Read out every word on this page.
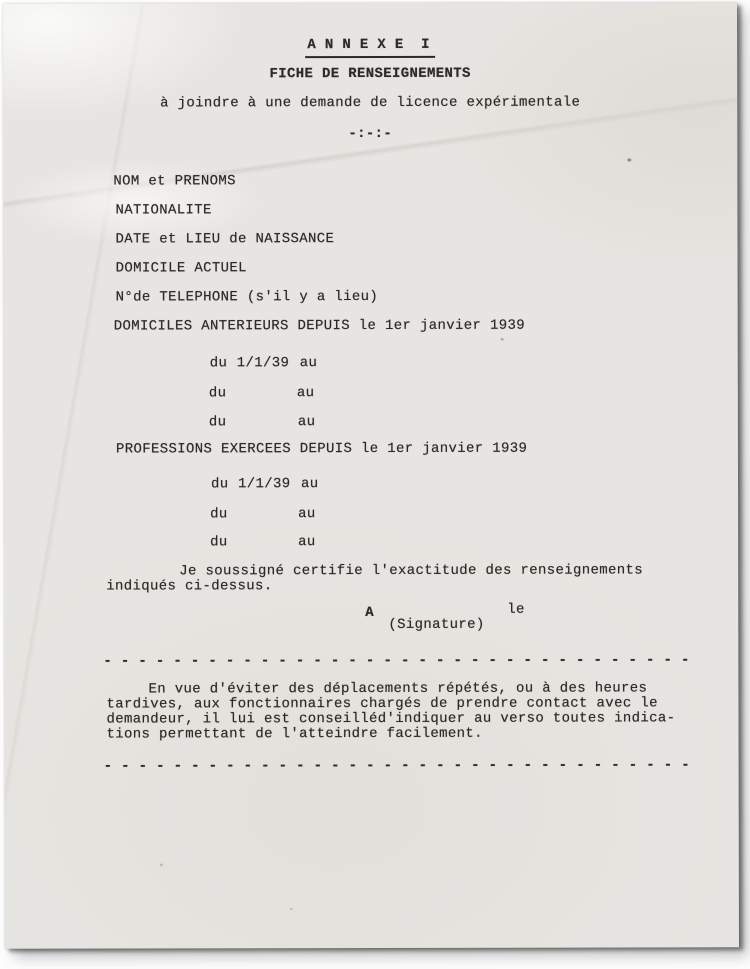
A N N E X E  I
FICHE DE RENSEIGNEMENTS
à joindre à une demande de licence expérimentale
-:-:-
NOM et PRENOMS
NATIONALITE
DATE et LIEU de NAISSANCE
DOMICILE ACTUEL
N°de TELEPHONE (s'il y a lieu)
DOMICILES ANTERIEURS DEPUIS le 1er janvier 1939
du 1/1/39 au
du	au
du	au
PROFESSIONS EXERCEES DEPUIS le 1er janvier 1939
du 1/1/39 au
du	au
du	au
Je soussigné certifie l'exactitude des renseignements
indiqués ci-dessus.
A	le
(Signature)
- - - - - - - - - - - - - - - - - - - - - - - - - - - - - - - - - -
En vue d'éviter des déplacements répétés, ou à des heures
tardives, aux fonctionnaires chargés de prendre contact avec le
demandeur, il lui est conseilléd'indiquer au verso toutes indica-
tions permettant de l'atteindre facilement.
- - - - - - - - - - - - - - - - - - - - - - - - - - - - - - - - - -
